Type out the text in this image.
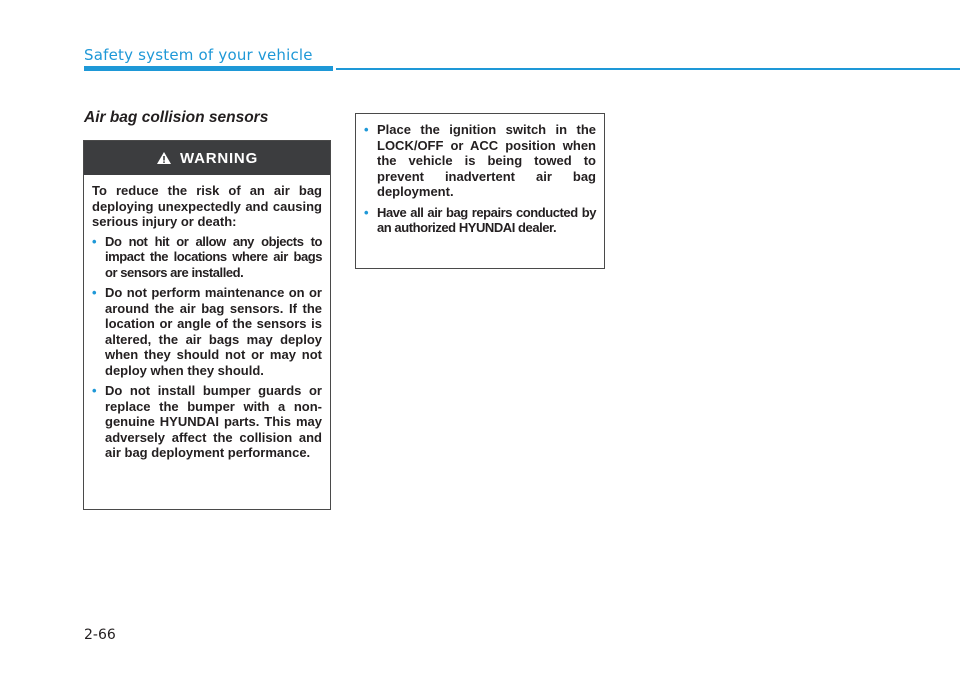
Safety system of your vehicle
Air bag collision sensors
WARNING

To reduce the risk of an air bag deploying unexpectedly and causing serious injury or death:

• Do not hit or allow any objects to impact the locations where air bags or sensors are installed.
• Do not perform maintenance on or around the air bag sensors. If the location or angle of the sensors is altered, the air bags may deploy when they should not or may not deploy when they should.
• Do not install bumper guards or replace the bumper with a non-genuine HYUNDAI parts. This may adversely affect the collision and air bag deployment performance.
• Place the ignition switch in the LOCK/OFF or ACC position when the vehicle is being towed to prevent inadvertent air bag deployment.
• Have all air bag repairs conducted by an authorized HYUNDAI dealer.
2-66
